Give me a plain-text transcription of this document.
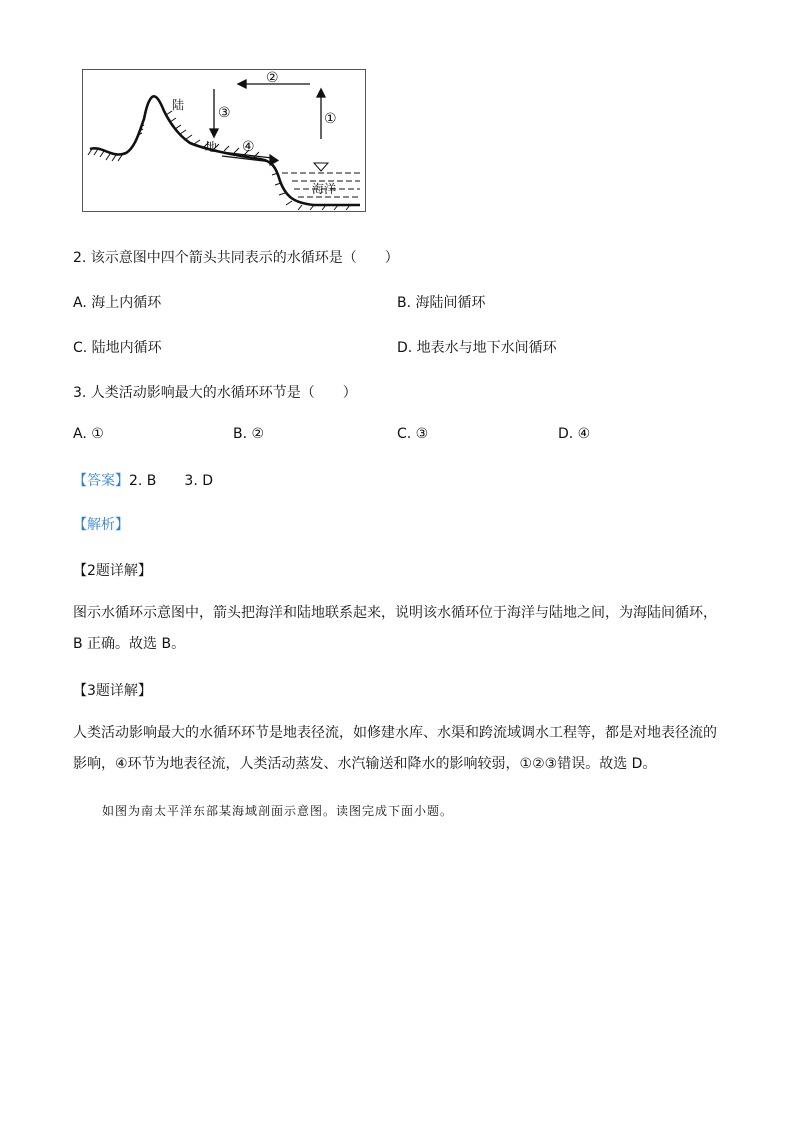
陆
地
海洋
①
②
③
④
2. 该示意图中四个箭头共同表示的水循环是（　　）
A. 海上内循环	B. 海陆间循环
C. 陆地内循环	D. 地表水与地下水间循环
3. 人类活动影响最大的水循环环节是（　　）
A. ①	B. ②	C. ③	D. ④
【答案】2. B　　3. D
【解析】
【2题详解】
图示水循环示意图中，箭头把海洋和陆地联系起来，说明该水循环位于海洋与陆地之间，为海陆间循环，
B 正确。故选 B。
【3题详解】
人类活动影响最大的水循环环节是地表径流，如修建水库、水渠和跨流域调水工程等，都是对地表径流的
影响，④环节为地表径流，人类活动蒸发、水汽输送和降水的影响较弱，①②③错误。故选 D。
如图为南太平洋东部某海域剖面示意图。读图完成下面小题。
